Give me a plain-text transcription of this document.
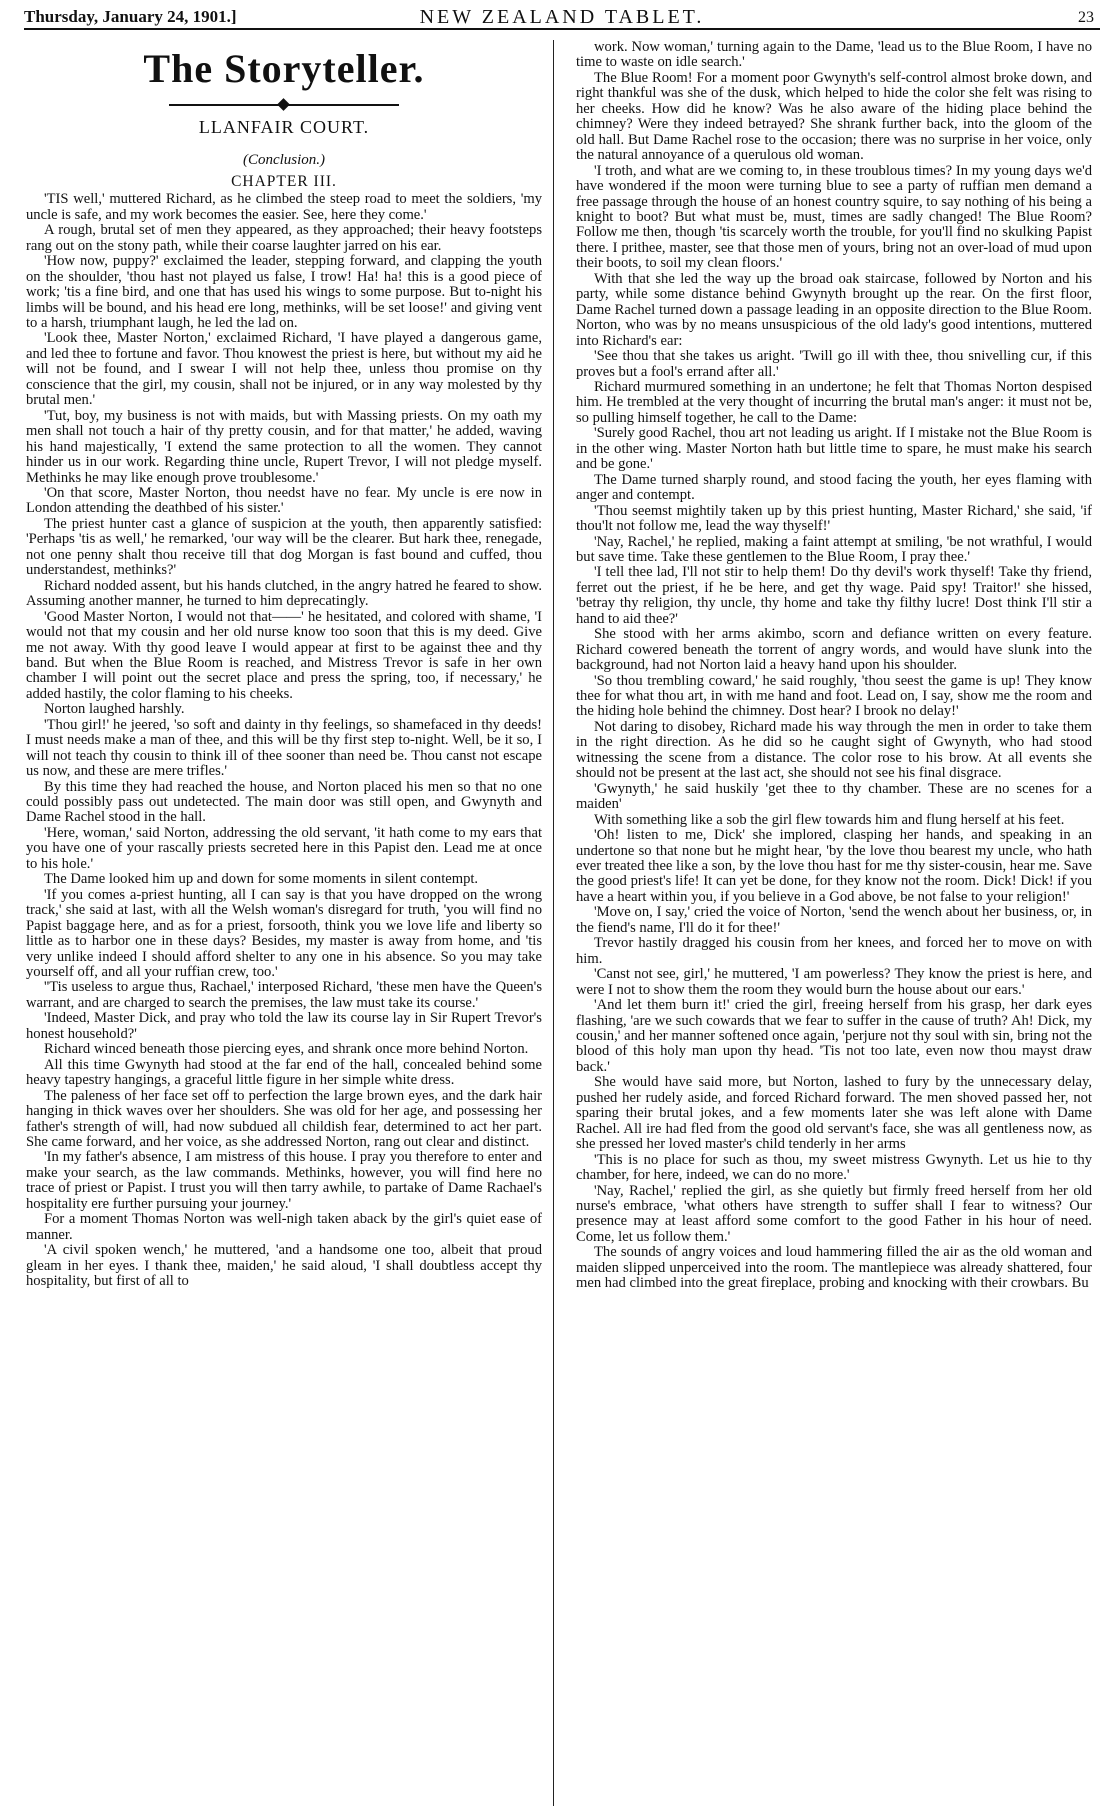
Thursday, January 24, 1901.]	NEW ZEALAND TABLET.	23
The Storyteller.
LLANFAIR COURT.
(Conclusion.)
CHAPTER III.

'TIS well,' muttered Richard, as he climbed the steep road to meet the soldiers, 'my uncle is safe, and my work becomes the easier. See, here they come.'

A rough, brutal set of men they appeared, as they approached; their heavy footsteps rang out on the stony path, while their coarse laughter jarred on his ear.

'How now, puppy?' exclaimed the leader, stepping forward, and clapping the youth on the shoulder, 'thou hast not played us false, I trow! Ha! ha! this is a good piece of work; 'tis a fine bird, and one that has used his wings to some purpose. But to-night his limbs will be bound, and his head ere long, methinks, will be set loose!' and giving vent to a harsh, triumphant laugh, he led the lad on.

'Look thee, Master Norton,' exclaimed Richard, 'I have played a dangerous game, and led thee to fortune and favor. Thou knowest the priest is here, but without my aid he will not be found, and I swear I will not help thee, unless thou promise on thy conscience that the girl, my cousin, shall not be injured, or in any way molested by thy brutal men.'

'Tut, boy, my business is not with maids, but with Massing priests. On my oath my men shall not touch a hair of thy pretty cousin, and for that matter,' he added, waving his hand majestically, 'I extend the same protection to all the women. They cannot hinder us in our work. Regarding thine uncle, Rupert Trevor, I will not pledge myself. Methinks he may like enough prove troublesome.'

'On that score, Master Norton, thou needst have no fear. My uncle is ere now in London attending the deathbed of his sister.'

The priest hunter cast a glance of suspicion at the youth, then apparently satisfied: 'Perhaps 'tis as well,' he remarked, 'our way will be the clearer. But hark thee, renegade, not one penny shalt thou receive till that dog Morgan is fast bound and cuffed, thou understandest, methinks?'

Richard nodded assent, but his hands clutched, in the angry hatred he feared to show. Assuming another manner, he turned to him deprecatingly.

'Good Master Norton, I would not that——' he hesitated, and colored with shame, 'I would not that my cousin and her old nurse know too soon that this is my deed. Give me not away. With thy good leave I would appear at first to be against thee and thy band. But when the Blue Room is reached, and Mistress Trevor is safe in her own chamber I will point out the secret place and press the spring, too, if necessary,' he added hastily, the color flaming to his cheeks.

Norton laughed harshly.

'Thou girl!' he jeered, 'so soft and dainty in thy feelings, so shamefaced in thy deeds! I must needs make a man of thee, and this will be thy first step to-night. Well, be it so, I will not teach thy cousin to think ill of thee sooner than need be. Thou canst not escape us now, and these are mere trifles.'

By this time they had reached the house, and Norton placed his men so that no one could possibly pass out undetected. The main door was still open, and Gwynyth and Dame Rachel stood in the hall.

'Here, woman,' said Norton, addressing the old servant, 'it hath come to my ears that you have one of your rascally priests secreted here in this Papist den. Lead me at once to his hole.'

The Dame looked him up and down for some moments in silent contempt.

'If you comes a-priest hunting, all I can say is that you have dropped on the wrong track,' she said at last, with all the Welsh woman's disregard for truth, 'you will find no Papist baggage here, and as for a priest, forsooth, think you we love life and liberty so little as to harbor one in these days? Besides, my master is away from home, and 'tis very unlike indeed I should afford shelter to any one in his absence. So you may take yourself off, and all your ruffian crew, too.'

''Tis useless to argue thus, Rachael,' interposed Richard, 'these men have the Queen's warrant, and are charged to search the premises, the law must take its course.'

'Indeed, Master Dick, and pray who told the law its course lay in Sir Rupert Trevor's honest household?'

Richard winced beneath those piercing eyes, and shrank once more behind Norton.

All this time Gwynyth had stood at the far end of the hall, concealed behind some heavy tapestry hangings, a graceful little figure in her simple white dress.

The paleness of her face set off to perfection the large brown eyes, and the dark hair hanging in thick waves over her shoulders. She was old for her age, and possessing her father's strength of will, had now subdued all childish fear, determined to act her part. She came forward, and her voice, as she addressed Norton, rang out clear and distinct.

'In my father's absence, I am mistress of this house. I pray you therefore to enter and make your search, as the law commands. Methinks, however, you will find here no trace of priest or Papist. I trust you will then tarry awhile, to partake of Dame Rachael's hospitality ere further pursuing your journey.'

For a moment Thomas Norton was well-nigh taken aback by the girl's quiet ease of manner.

'A civil spoken wench,' he muttered, 'and a handsome one too, albeit that proud gleam in her eyes. I thank thee, maiden,' he said aloud, 'I shall doubtless accept thy hospitality, but first of all to

work. Now woman,' turning again to the Dame, 'lead us to the Blue Room, I have no time to waste on idle search.'

The Blue Room! For a moment poor Gwynyth's self-control almost broke down, and right thankful was she of the dusk, which helped to hide the color she felt was rising to her cheeks. How did he know? Was he also aware of the hiding place behind the chimney? Were they indeed betrayed? She shrank further back, into the gloom of the old hall. But Dame Rachel rose to the occasion; there was no surprise in her voice, only the natural annoyance of a querulous old woman.

'I troth, and what are we coming to, in these troublous times? In my young days we'd have wondered if the moon were turning blue to see a party of ruffian men demand a free passage through the house of an honest country squire, to say nothing of his being a knight to boot? But what must be, must, times are sadly changed! The Blue Room? Follow me then, though 'tis scarcely worth the trouble, for you'll find no skulking Papist there. I prithee, master, see that those men of yours, bring not an over-load of mud upon their boots, to soil my clean floors.'

With that she led the way up the broad oak staircase, followed by Norton and his party, while some distance behind Gwynyth brought up the rear. On the first floor, Dame Rachel turned down a passage leading in an opposite direction to the Blue Room. Norton, who was by no means unsuspicious of the old lady's good intentions, muttered into Richard's ear:

'See thou that she takes us aright. 'Twill go ill with thee, thou snivelling cur, if this proves but a fool's errand after all.'

Richard murmured something in an undertone; he felt that Thomas Norton despised him. He trembled at the very thought of incurring the brutal man's anger: it must not be, so pulling himself together, he call to the Dame:

'Surely good Rachel, thou art not leading us aright. If I mistake not the Blue Room is in the other wing. Master Norton hath but little time to spare, he must make his search and be gone.'

The Dame turned sharply round, and stood facing the youth, her eyes flaming with anger and contempt.

'Thou seemst mightily taken up by this priest hunting, Master Richard,' she said, 'if thou'lt not follow me, lead the way thyself!'

'Nay, Rachel,' he replied, making a faint attempt at smiling, 'be not wrathful, I would but save time. Take these gentlemen to the Blue Room, I pray thee.'

'I tell thee lad, I'll not stir to help them! Do thy devil's work thyself! Take thy friend, ferret out the priest, if he be here, and get thy wage. Paid spy! Traitor!' she hissed, 'betray thy religion, thy uncle, thy home and take thy filthy lucre! Dost think I'll stir a hand to aid thee?'

She stood with her arms akimbo, scorn and defiance written on every feature. Richard cowered beneath the torrent of angry words, and would have slunk into the background, had not Norton laid a heavy hand upon his shoulder.

'So thou trembling coward,' he said roughly, 'thou seest the game is up! They know thee for what thou art, in with me hand and foot. Lead on, I say, show me the room and the hiding hole behind the chimney. Dost hear? I brook no delay!'

Not daring to disobey, Richard made his way through the men in order to take them in the right direction. As he did so he caught sight of Gwynyth, who had stood witnessing the scene from a distance. The color rose to his brow. At all events she should not be present at the last act, she should not see his final disgrace.

'Gwynyth,' he said huskily 'get thee to thy chamber. These are no scenes for a maiden'

With something like a sob the girl flew towards him and flung herself at his feet.

'Oh! listen to me, Dick' she implored, clasping her hands, and speaking in an undertone so that none but he might hear, 'by the love thou bearest my uncle, who hath ever treated thee like a son, by the love thou hast for me thy sister-cousin, hear me. Save the good priest's life! It can yet be done, for they know not the room. Dick! Dick! if you have a heart within you, if you believe in a God above, be not false to your religion!'

'Move on, I say,' cried the voice of Norton, 'send the wench about her business, or, in the fiend's name, I'll do it for thee!'

Trevor hastily dragged his cousin from her knees, and forced her to move on with him.

'Canst not see, girl,' he muttered, 'I am powerless? They know the priest is here, and were I not to show them the room they would burn the house about our ears.'

'And let them burn it!' cried the girl, freeing herself from his grasp, her dark eyes flashing, 'are we such cowards that we fear to suffer in the cause of truth? Ah! Dick, my cousin,' and her manner softened once again, 'perjure not thy soul with sin, bring not the blood of this holy man upon thy head. 'Tis not too late, even now thou mayst draw back.'

She would have said more, but Norton, lashed to fury by the unnecessary delay, pushed her rudely aside, and forced Richard forward. The men shoved passed her, not sparing their brutal jokes, and a few moments later she was left alone with Dame Rachel. All ire had fled from the good old servant's face, she was all gentleness now, as she pressed her loved master's child tenderly in her arms

'This is no place for such as thou, my sweet mistress Gwynyth. Let us hie to thy chamber, for here, indeed, we can do no more.'

'Nay, Rachel,' replied the girl, as she quietly but firmly freed herself from her old nurse's embrace, 'what others have strength to suffer shall I fear to witness? Our presence may at least afford some comfort to the good Father in his hour of need. Come, let us follow them.'

The sounds of angry voices and loud hammering filled the air as the old woman and maiden slipped unperceived into the room. The mantlepiece was already shattered, four men had climbed into the great fireplace, probing and knocking with their crowbars. Bu
